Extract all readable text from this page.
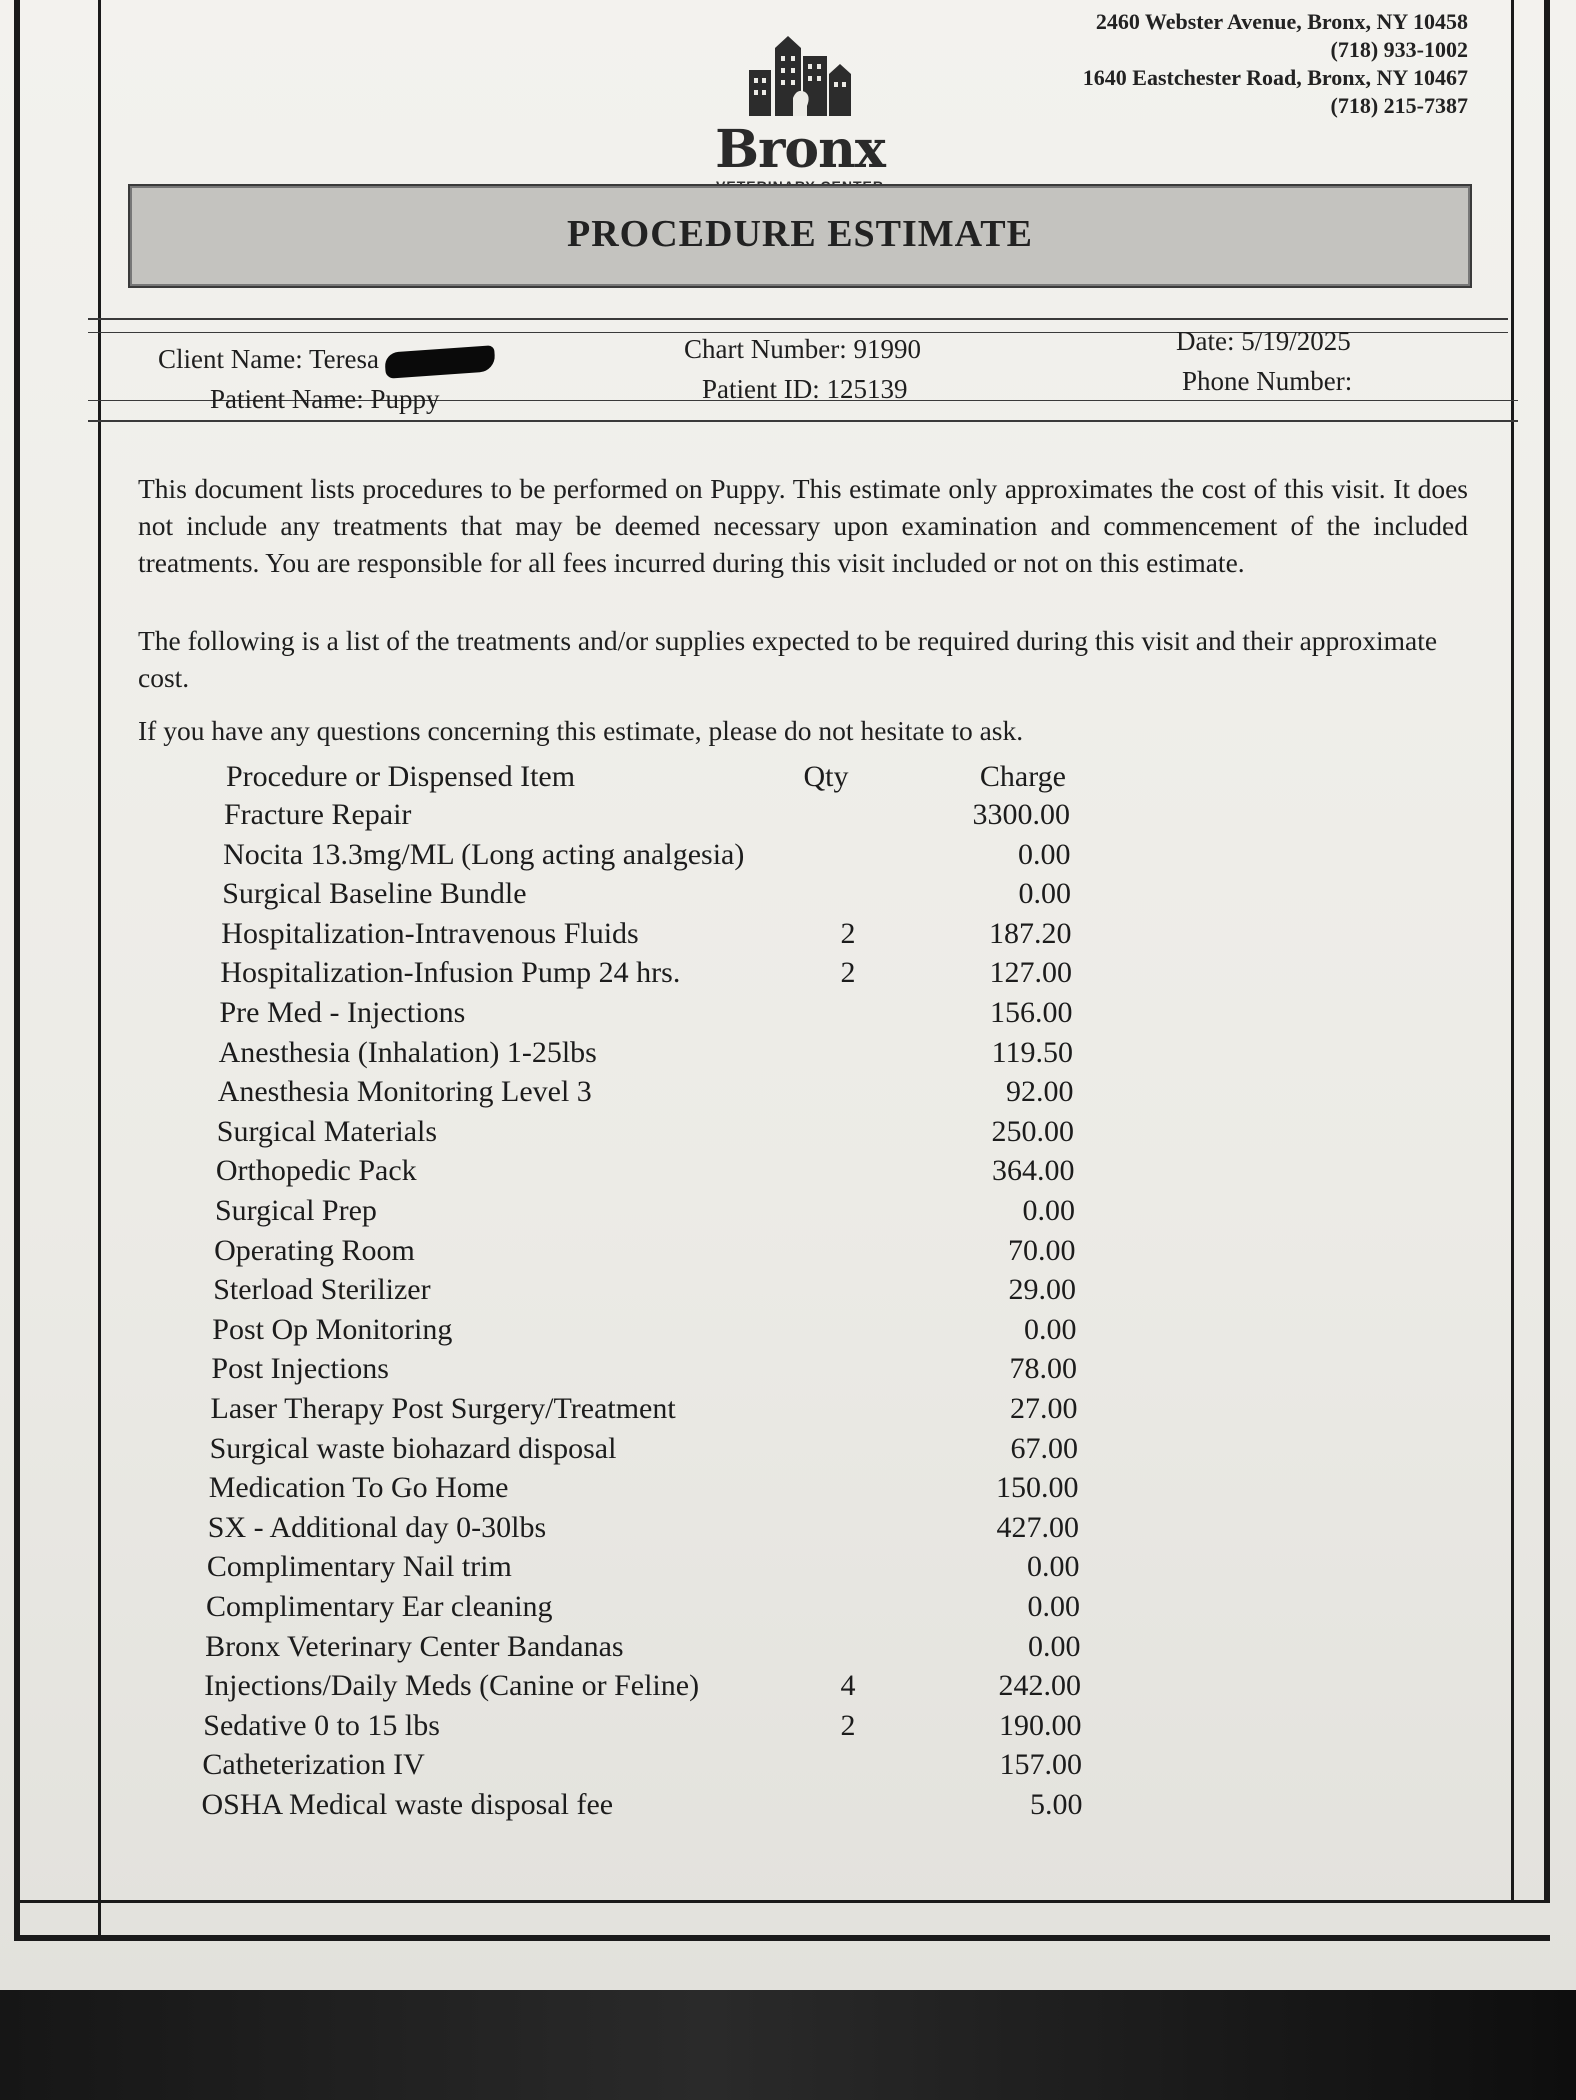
Bronx
2460 Webster Avenue, Bronx, NY 10458
(718) 933-1002
1640 Eastchester Road, Bronx, NY 10467
(718) 215-7387
PROCEDURE ESTIMATE
Client Name: Teresa
Patient Name: Puppy
Chart Number: 91990
Patient ID: 125139
Date: 5/19/2025
Phone Number:
This document lists procedures to be performed on Puppy. This estimate only approximates the cost of this visit. It does not include any treatments that may be deemed necessary upon examination and commencement of the included treatments. You are responsible for all fees incurred during this visit included or not on this estimate.
The following is a list of the treatments and/or supplies expected to be required during this visit and their approximate cost.
If you have any questions concerning this estimate, please do not hesitate to ask.
Procedure or Dispensed Item	Qty	Charge
Fracture Repair	3300.00
Nocita 13.3mg/ML (Long acting analgesia)	0.00
Surgical Baseline Bundle	0.00
Hospitalization-Intravenous Fluids	2	187.20
Hospitalization-Infusion Pump 24 hrs.	2	127.00
Pre Med - Injections	156.00
Anesthesia (Inhalation) 1-25lbs	119.50
Anesthesia Monitoring Level 3	92.00
Surgical Materials	250.00
Orthopedic Pack	364.00
Surgical Prep	0.00
Operating Room	70.00
Sterload Sterilizer	29.00
Post Op Monitoring	0.00
Post Injections	78.00
Laser Therapy Post Surgery/Treatment	27.00
Surgical waste biohazard disposal	67.00
Medication To Go Home	150.00
SX - Additional day 0-30lbs	427.00
Complimentary Nail trim	0.00
Complimentary Ear cleaning	0.00
Bronx Veterinary Center Bandanas	0.00
Injections/Daily Meds (Canine or Feline)	4	242.00
Sedative 0 to 15 lbs	2	190.00
Catheterization IV	157.00
OSHA Medical waste disposal fee	5.00
